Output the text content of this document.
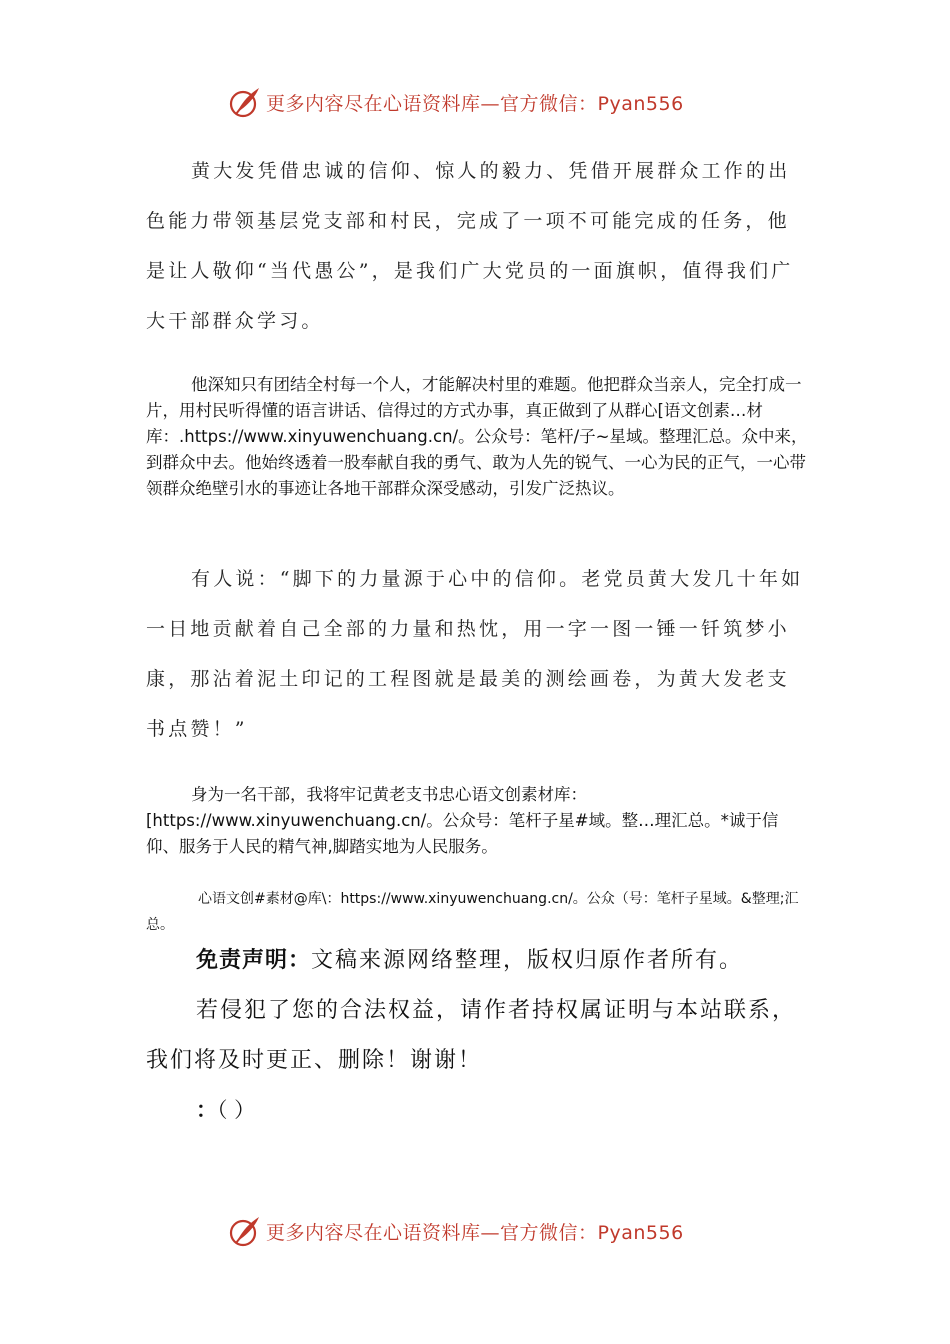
更多内容尽在心语资料库—官方微信：Pyan556

黄大发凭借忠诚的信仰、惊人的毅力、凭借开展群众工作的出色能力带领基层党支部和村民，完成了一项不可能完成的任务，他是让人敬仰“当代愚公”，是我们广大党员的一面旗帜，值得我们广大干部群众学习。

他深知只有团结全村每一个人，才能解决村里的难题。他把群众当亲人，完全打成一片，用村民听得懂的语言讲话、信得过的方式办事，真正做到了从群心[语文创素…材库：.https://www.xinyuwenchuang.cn/。公众号：笔杆/子~星域。整理汇总。众中来，到群众中去。他始终透着一股奉献自我的勇气、敢为人先的锐气、一心为民的正气，一心带领群众绝壁引水的事迹让各地干部群众深受感动，引发广泛热议。

有人说：“脚下的力量源于心中的信仰。老党员黄大发几十年如一日地贡献着自己全部的力量和热忱，用一字一图一锤一钎筑梦小康，那沾着泥土印记的工程图就是最美的测绘画卷，为黄大发老支书点赞！”

身为一名干部，我将牢记黄老支书忠心语文创素材库：[https://www.xinyuwenchuang.cn/。公众号：笔杆子星#域。整…理汇总。*诚于信仰、服务于人民的精气神,脚踏实地为人民服务。

心语文创#素材@库\：https://www.xinyuwenchuang.cn/。公众（号：笔杆子星域。&整理;汇总。

免责声明：文稿来源网络整理，版权归原作者所有。

若侵犯了您的合法权益，请作者持权属证明与本站联系，我们将及时更正、删除！谢谢！

：（ ）
更多内容尽在心语资料库—官方微信：Pyan556
